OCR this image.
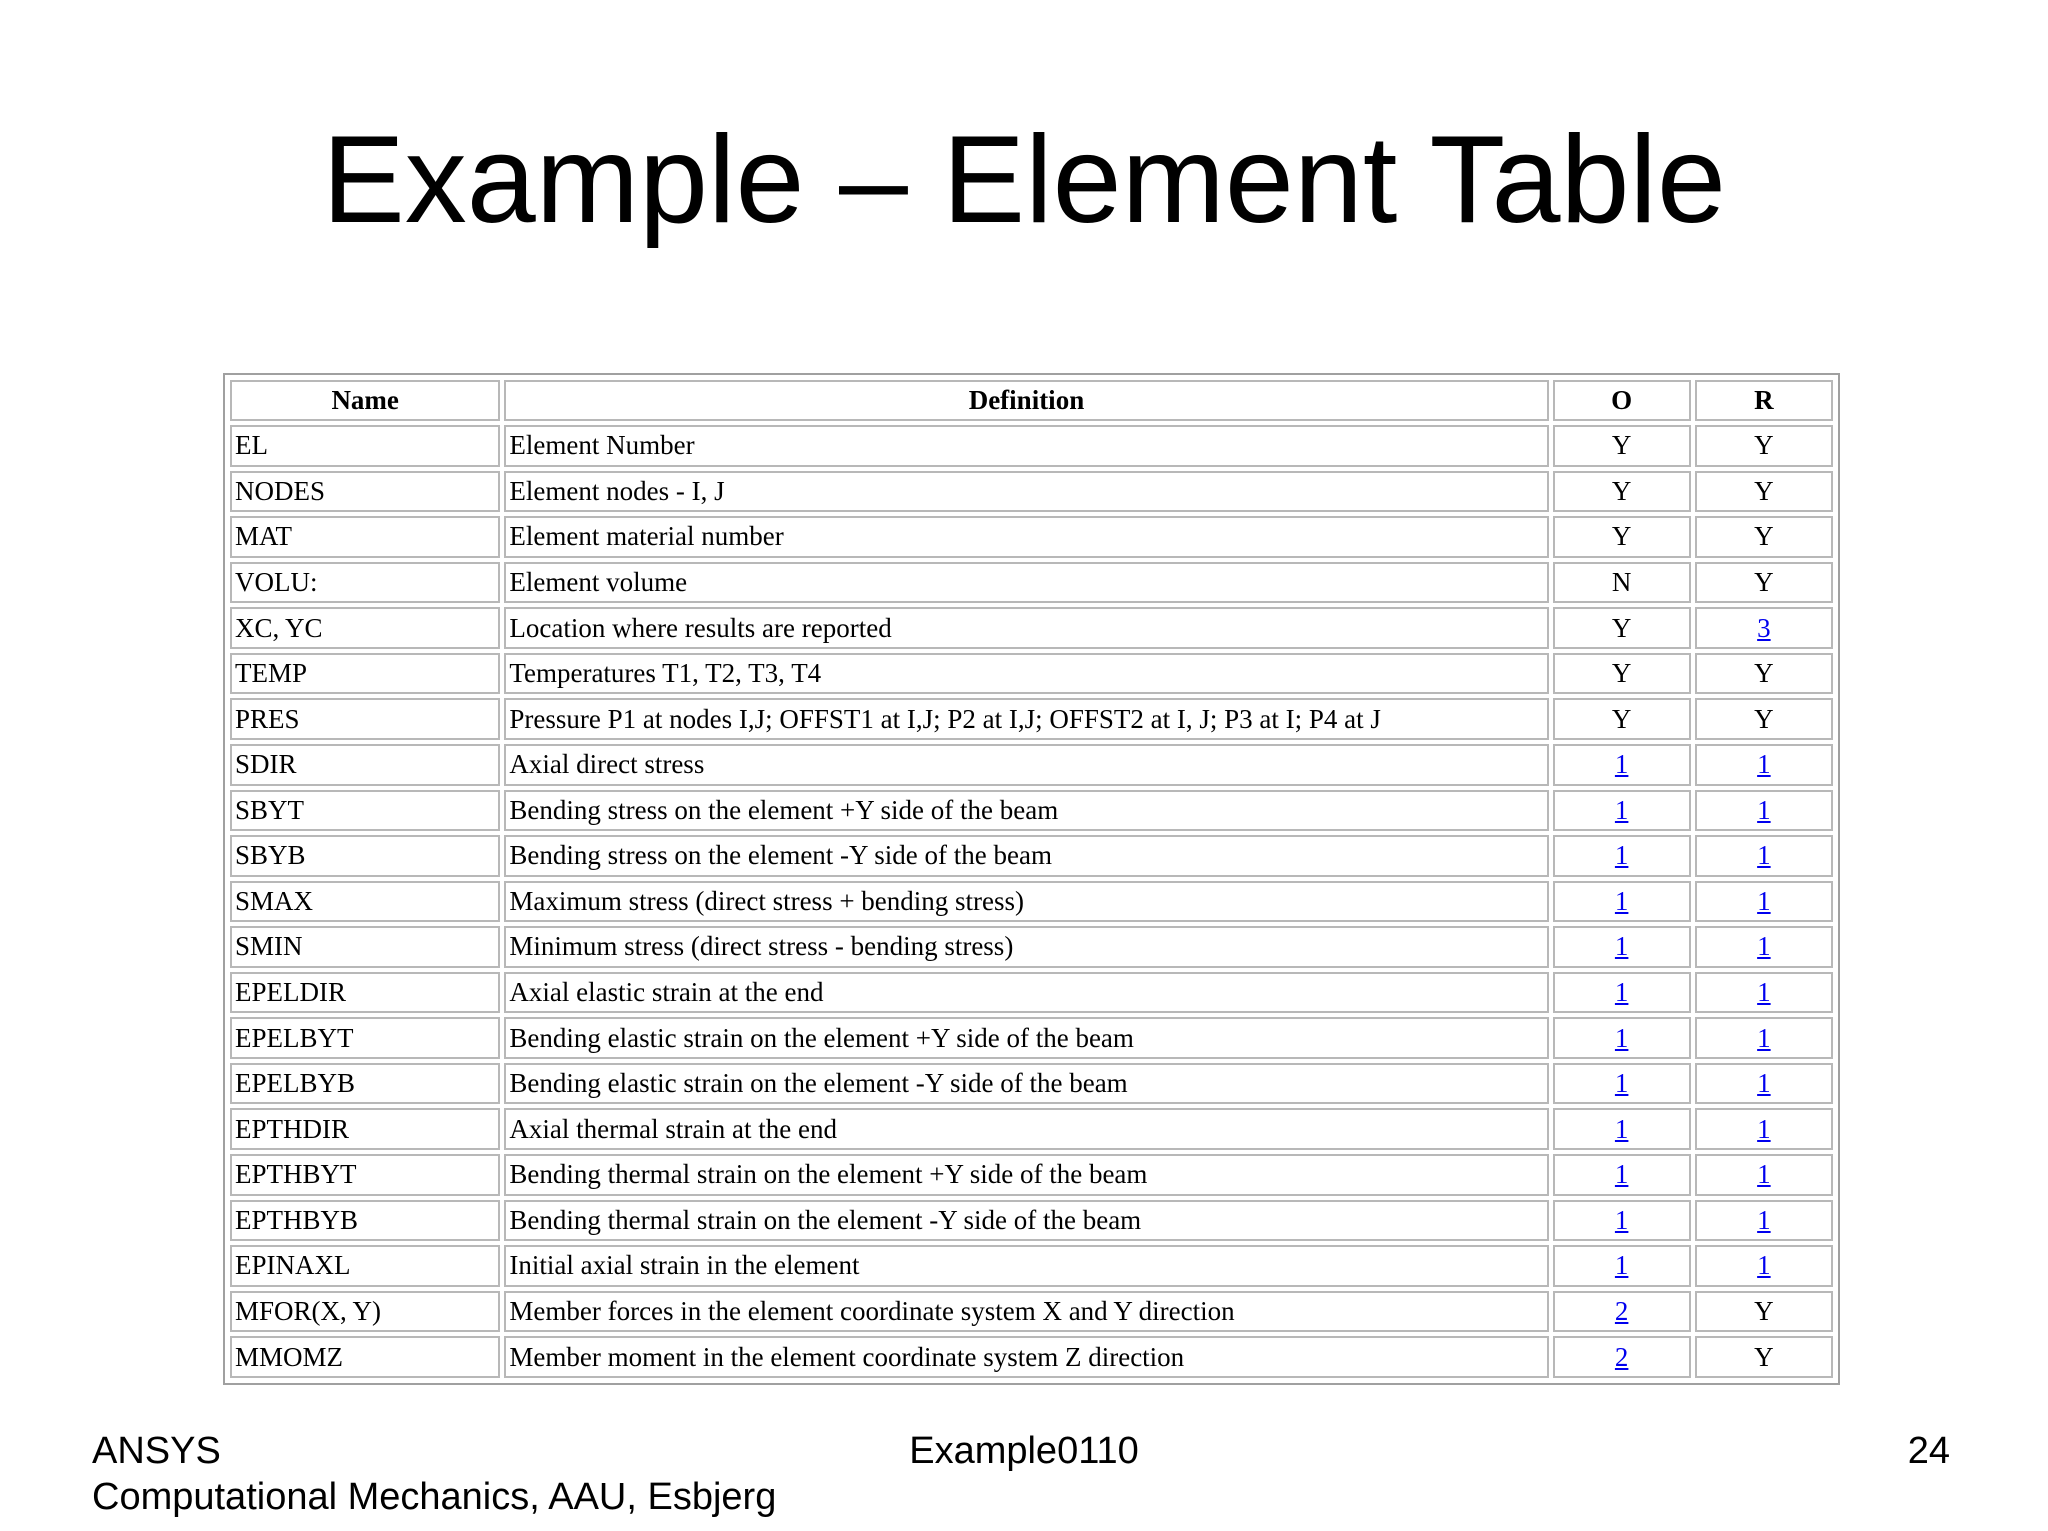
Example – Element Table
Name	Definition	O	R
EL	Element Number	Y	Y
NODES	Element nodes - I, J	Y	Y
MAT	Element material number	Y	Y
VOLU:	Element volume	N	Y
XC, YC	Location where results are reported	Y	3
TEMP	Temperatures T1, T2, T3, T4	Y	Y
PRES	Pressure P1 at nodes I,J; OFFST1 at I,J; P2 at I,J; OFFST2 at I, J; P3 at I; P4 at J	Y	Y
SDIR	Axial direct stress	1	1
SBYT	Bending stress on the element +Y side of the beam	1	1
SBYB	Bending stress on the element -Y side of the beam	1	1
SMAX	Maximum stress (direct stress + bending stress)	1	1
SMIN	Minimum stress (direct stress - bending stress)	1	1
EPELDIR	Axial elastic strain at the end	1	1
EPELBYT	Bending elastic strain on the element +Y side of the beam	1	1
EPELBYB	Bending elastic strain on the element -Y side of the beam	1	1
EPTHDIR	Axial thermal strain at the end	1	1
EPTHBYT	Bending thermal strain on the element +Y side of the beam	1	1
EPTHBYB	Bending thermal strain on the element -Y side of the beam	1	1
EPINAXL	Initial axial strain in the element	1	1
MFOR(X, Y)	Member forces in the element coordinate system X and Y direction	2	Y
MMOMZ	Member moment in the element coordinate system Z direction	2	Y
ANSYS
Computational Mechanics, AAU, Esbjerg
Example0110	24
